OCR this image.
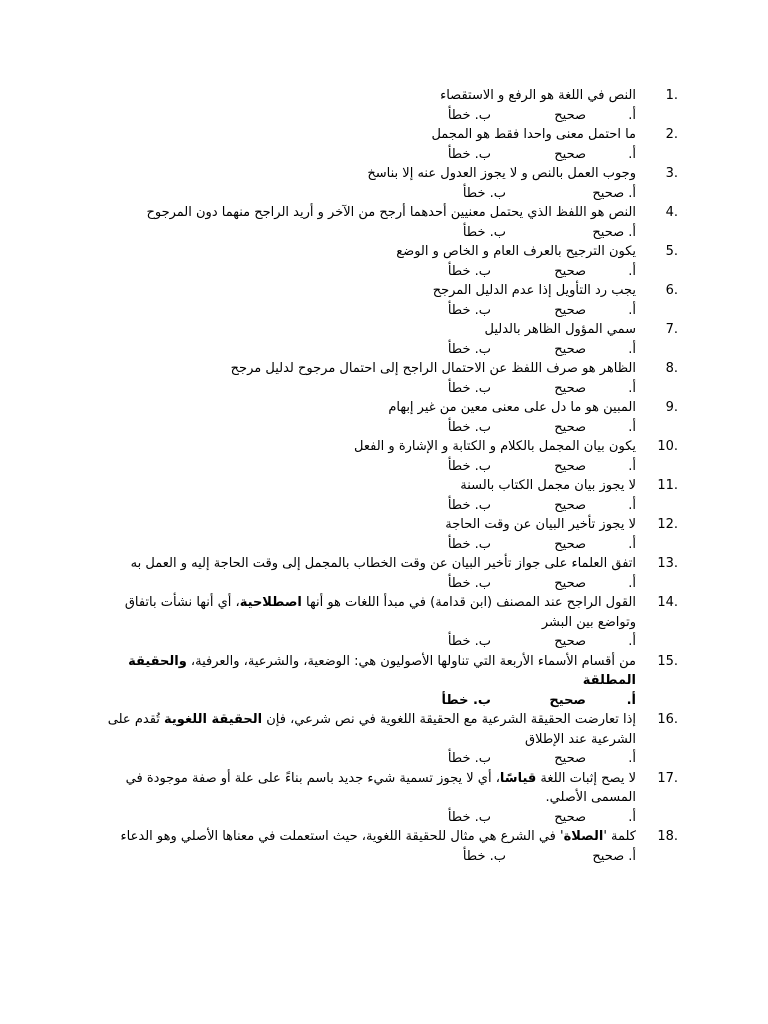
.1
النص في اللغة هو الرفع و الاستقصاء
أ.
صحيح
ب. خطأ
.2
ما احتمل معنى واحدا فقط هو المجمل
أ.
صحيح
ب. خطأ
.3
وجوب العمل بالنص و لا يجوز العدول عنه إلا بناسخ
أ. صحيح
ب. خطأ
.4
النص هو اللفظ الذي يحتمل معنيين أحدهما أرجح من الآخر و أريد الراجح منهما دون المرجوح
أ. صحيح
ب. خطأ
.5
يكون الترجيح بالعرف العام و الخاص و الوضع
أ.
صحيح
ب. خطأ
.6
يجب رد التأويل إذا عدم الدليل المرجح
أ.
صحيح
ب. خطأ
.7
سمي المؤول الظاهر بالدليل
أ.
صحيح
ب. خطأ
.8
الظاهر هو صرف اللفظ عن الاحتمال الراجح إلى احتمال مرجوح لدليل مرجح
أ.
صحيح
ب. خطأ
.9
المبين هو ما دل على معنى معين من غير إبهام
أ.
صحيح
ب. خطأ
.10
يكون بيان المجمل بالكلام و الكتابة و الإشارة و الفعل
أ.
صحيح
ب. خطأ
.11
لا يجوز بيان مجمل الكتاب بالسنة
أ.
صحيح
ب. خطأ
.12
لا يجوز تأخير البيان عن وقت الحاجة
أ.
صحيح
ب. خطأ
.13
اتفق العلماء على جواز تأخير البيان عن وقت الخطاب بالمجمل إلى وقت الحاجة إليه و العمل به
أ.
صحيح
ب. خطأ
.14
القول الراجح عند المصنف (ابن قدامة) في مبدأ اللغات هو أنها اصطلاحية، أي أنها نشأت باتفاق وتواضع بين البشر
أ.
صحيح
ب. خطأ
.15
من أقسام الأسماء الأربعة التي تناولها الأصوليون هي: الوضعية، والشرعية، والعرفية، والحقيقة المطلقة
أ.
صحيح
ب. خطأ
.16
إذا تعارضت الحقيقة الشرعية مع الحقيقة اللغوية في نص شرعي، فإن الحقيقة اللغوية تُقدم على الشرعية عند الإطلاق
أ.
صحيح
ب. خطأ
.17
لا يصح إثبات اللغة قياسًا، أي لا يجوز تسمية شيء جديد باسم بناءً على علة أو صفة موجودة في المسمى الأصلي.
أ.
صحيح
ب. خطأ
.18
كلمة 'الصلاة' في الشرع هي مثال للحقيقة اللغوية، حيث استعملت في معناها الأصلي وهو الدعاء
أ. صحيح
ب. خطأ
